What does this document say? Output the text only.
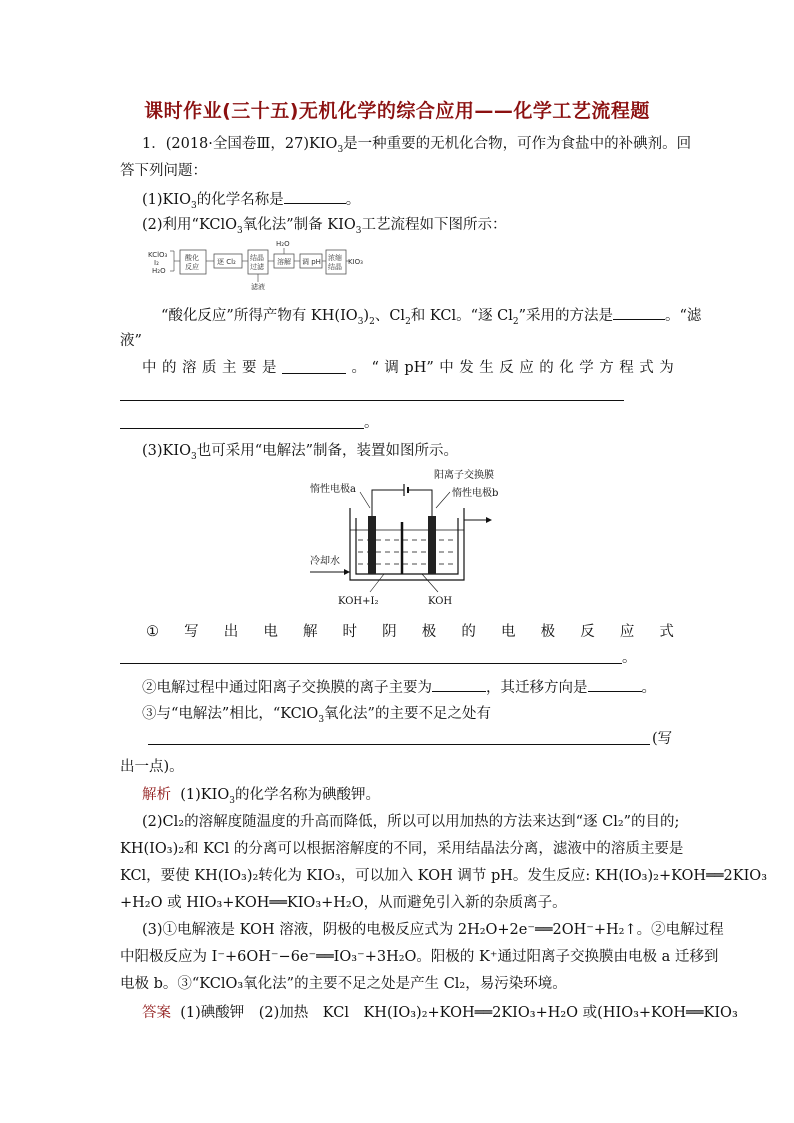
课时作业(三十五)无机化学的综合应用——化学工艺流程题
1．(2018·全国卷Ⅲ，$27)KIO_3$是一种重要的无机化合物，可作为食盐中的补碘剂。回
答下列问题：
$(1)KIO_3$的化学名称是	。
(2)利用“KClO$_3$氧化法”制备 $KIO_3$工艺流程如下图所示：
KClO₃
I₂
H₂O
酸化
反应
逐 Cl₂ 结晶
过滤
滤液
溶解
H₂O
调 pH 浓缩
结晶
KIO₃
“酸化反应”所得产物有 $KH(IO_3)_2$、$Cl_2$和 KCl。“逐 $Cl_2$”采用的方法是	。“滤
液”
中 的 溶 质 主 要 是	。 “ 调 pH” 中 发 生 反 应 的 化 学 方 程 式 为
。
$(3)KIO_3$也可采用“电解法”制备，装置如图所示。
阳离子交换膜
惰性电极a	惰性电极b
冷却水
KOH+I₂	KOH
① 写 出 电 解 时 阴 极 的 电 极 反 应 式
。
②电解过程中通过阳离子交换膜的离子主要为	，其迁移方向是	。
③与“电解法”相比，“KClO$_3$氧化法”的主要不足之处有
(写
出一点)。
解析 $(1)KIO_3$的化学名称为碘酸钾。
(2)Cl₂的溶解度随温度的升高而降低，所以可以用加热的方法来达到“逐 Cl₂”的目的;
KH(IO₃)₂和 KCl 的分离可以根据溶解度的不同，采用结晶法分离，滤液中的溶质主要是
KCl，要使 KH(IO₃)₂转化为 KIO₃，可以加入 KOH 调节 pH。发生反应: KH(IO₃)₂+KOH══2KIO₃
+H₂O 或 HIO₃+KOH══KIO₃+H₂O，从而避免引入新的杂质离子。
(3)①电解液是 KOH 溶液，阴极的电极反应式为 2H₂O+2e⁻══2OH⁻+H₂↑。②电解过程
中阳极反应为 I⁻+6OH⁻−6e⁻══IO₃⁻+3H₂O。阳极的 K⁺通过阳离子交换膜由电极 a 迁移到
电极 b。③“KClO₃氧化法”的主要不足之处是产生 Cl₂，易污染环境。
答案 (1)碘酸钾　(2)加热　KCl　KH(IO₃)₂+KOH══2KIO₃+H₂O 或(HIO₃+KOH══KIO₃
